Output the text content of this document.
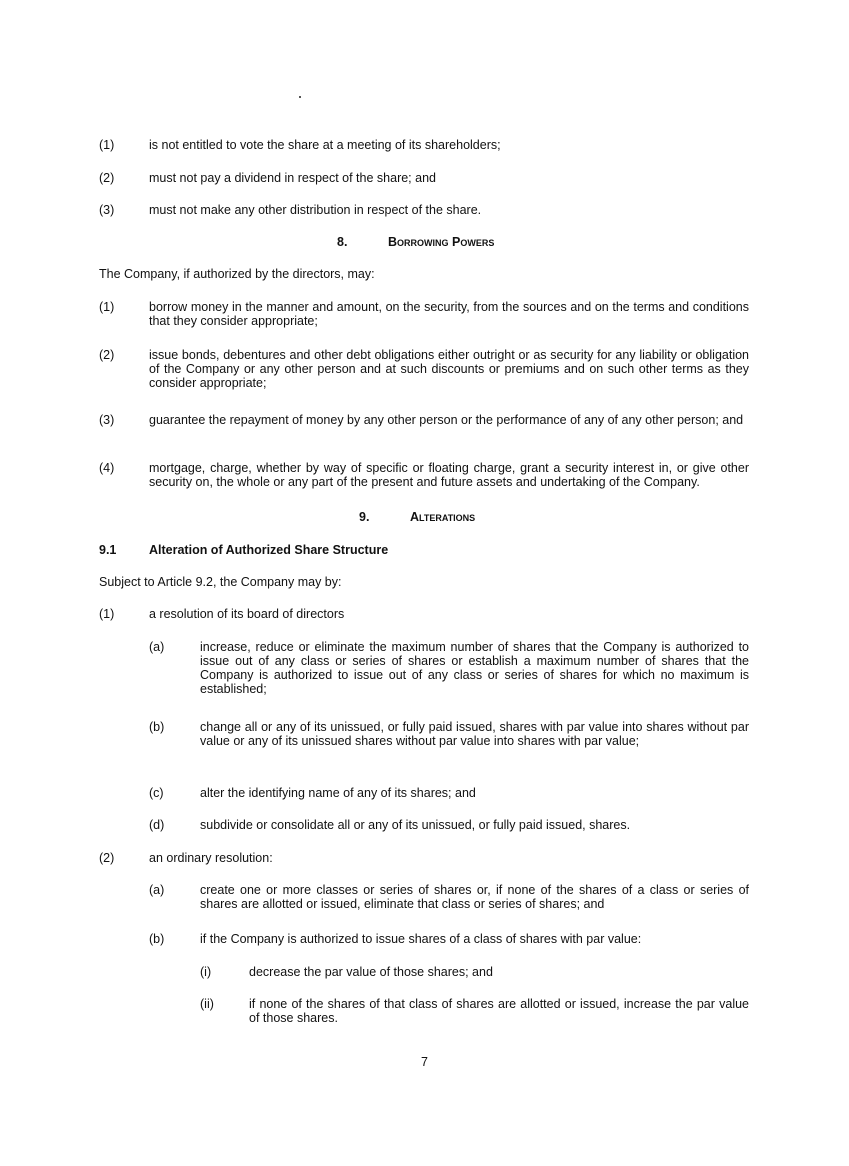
(1)	is not entitled to vote the share at a meeting of its shareholders;
(2)	must not pay a dividend in respect of the share; and
(3)	must not make any other distribution in respect of the share.
8.	Borrowing Powers
The Company, if authorized by the directors, may:
(1)	borrow money in the manner and amount, on the security, from the sources and on the terms and conditions that they consider appropriate;
(2)	issue bonds, debentures and other debt obligations either outright or as security for any liability or obligation of the Company or any other person and at such discounts or premiums and on such other terms as they consider appropriate;
(3)	guarantee the repayment of money by any other person or the performance of any of any other person; and
(4)	mortgage, charge, whether by way of specific or floating charge, grant a security interest in, or give other security on, the whole or any part of the present and future assets and undertaking of the Company.
9.	Alterations
9.1	Alteration of Authorized Share Structure
Subject to Article 9.2, the Company may by:
(1)	a resolution of its board of directors
(a)	increase, reduce or eliminate the maximum number of shares that the Company is authorized to issue out of any class or series of shares or establish a maximum number of shares that the Company is authorized to issue out of any class or series of shares for which no maximum is established;
(b)	change all or any of its unissued, or fully paid issued, shares with par value into shares without par value or any of its unissued shares without par value into shares with par value;
(c)	alter the identifying name of any of its shares; and
(d)	subdivide or consolidate all or any of its unissued, or fully paid issued, shares.
(2)	an ordinary resolution:
(a)	create one or more classes or series of shares or, if none of the shares of a class or series of shares are allotted or issued, eliminate that class or series of shares; and
(b)	if the Company is authorized to issue shares of a class of shares with par value:
(i)	decrease the par value of those shares; and
(ii)	if none of the shares of that class of shares are allotted or issued, increase the par value of those shares.
7
